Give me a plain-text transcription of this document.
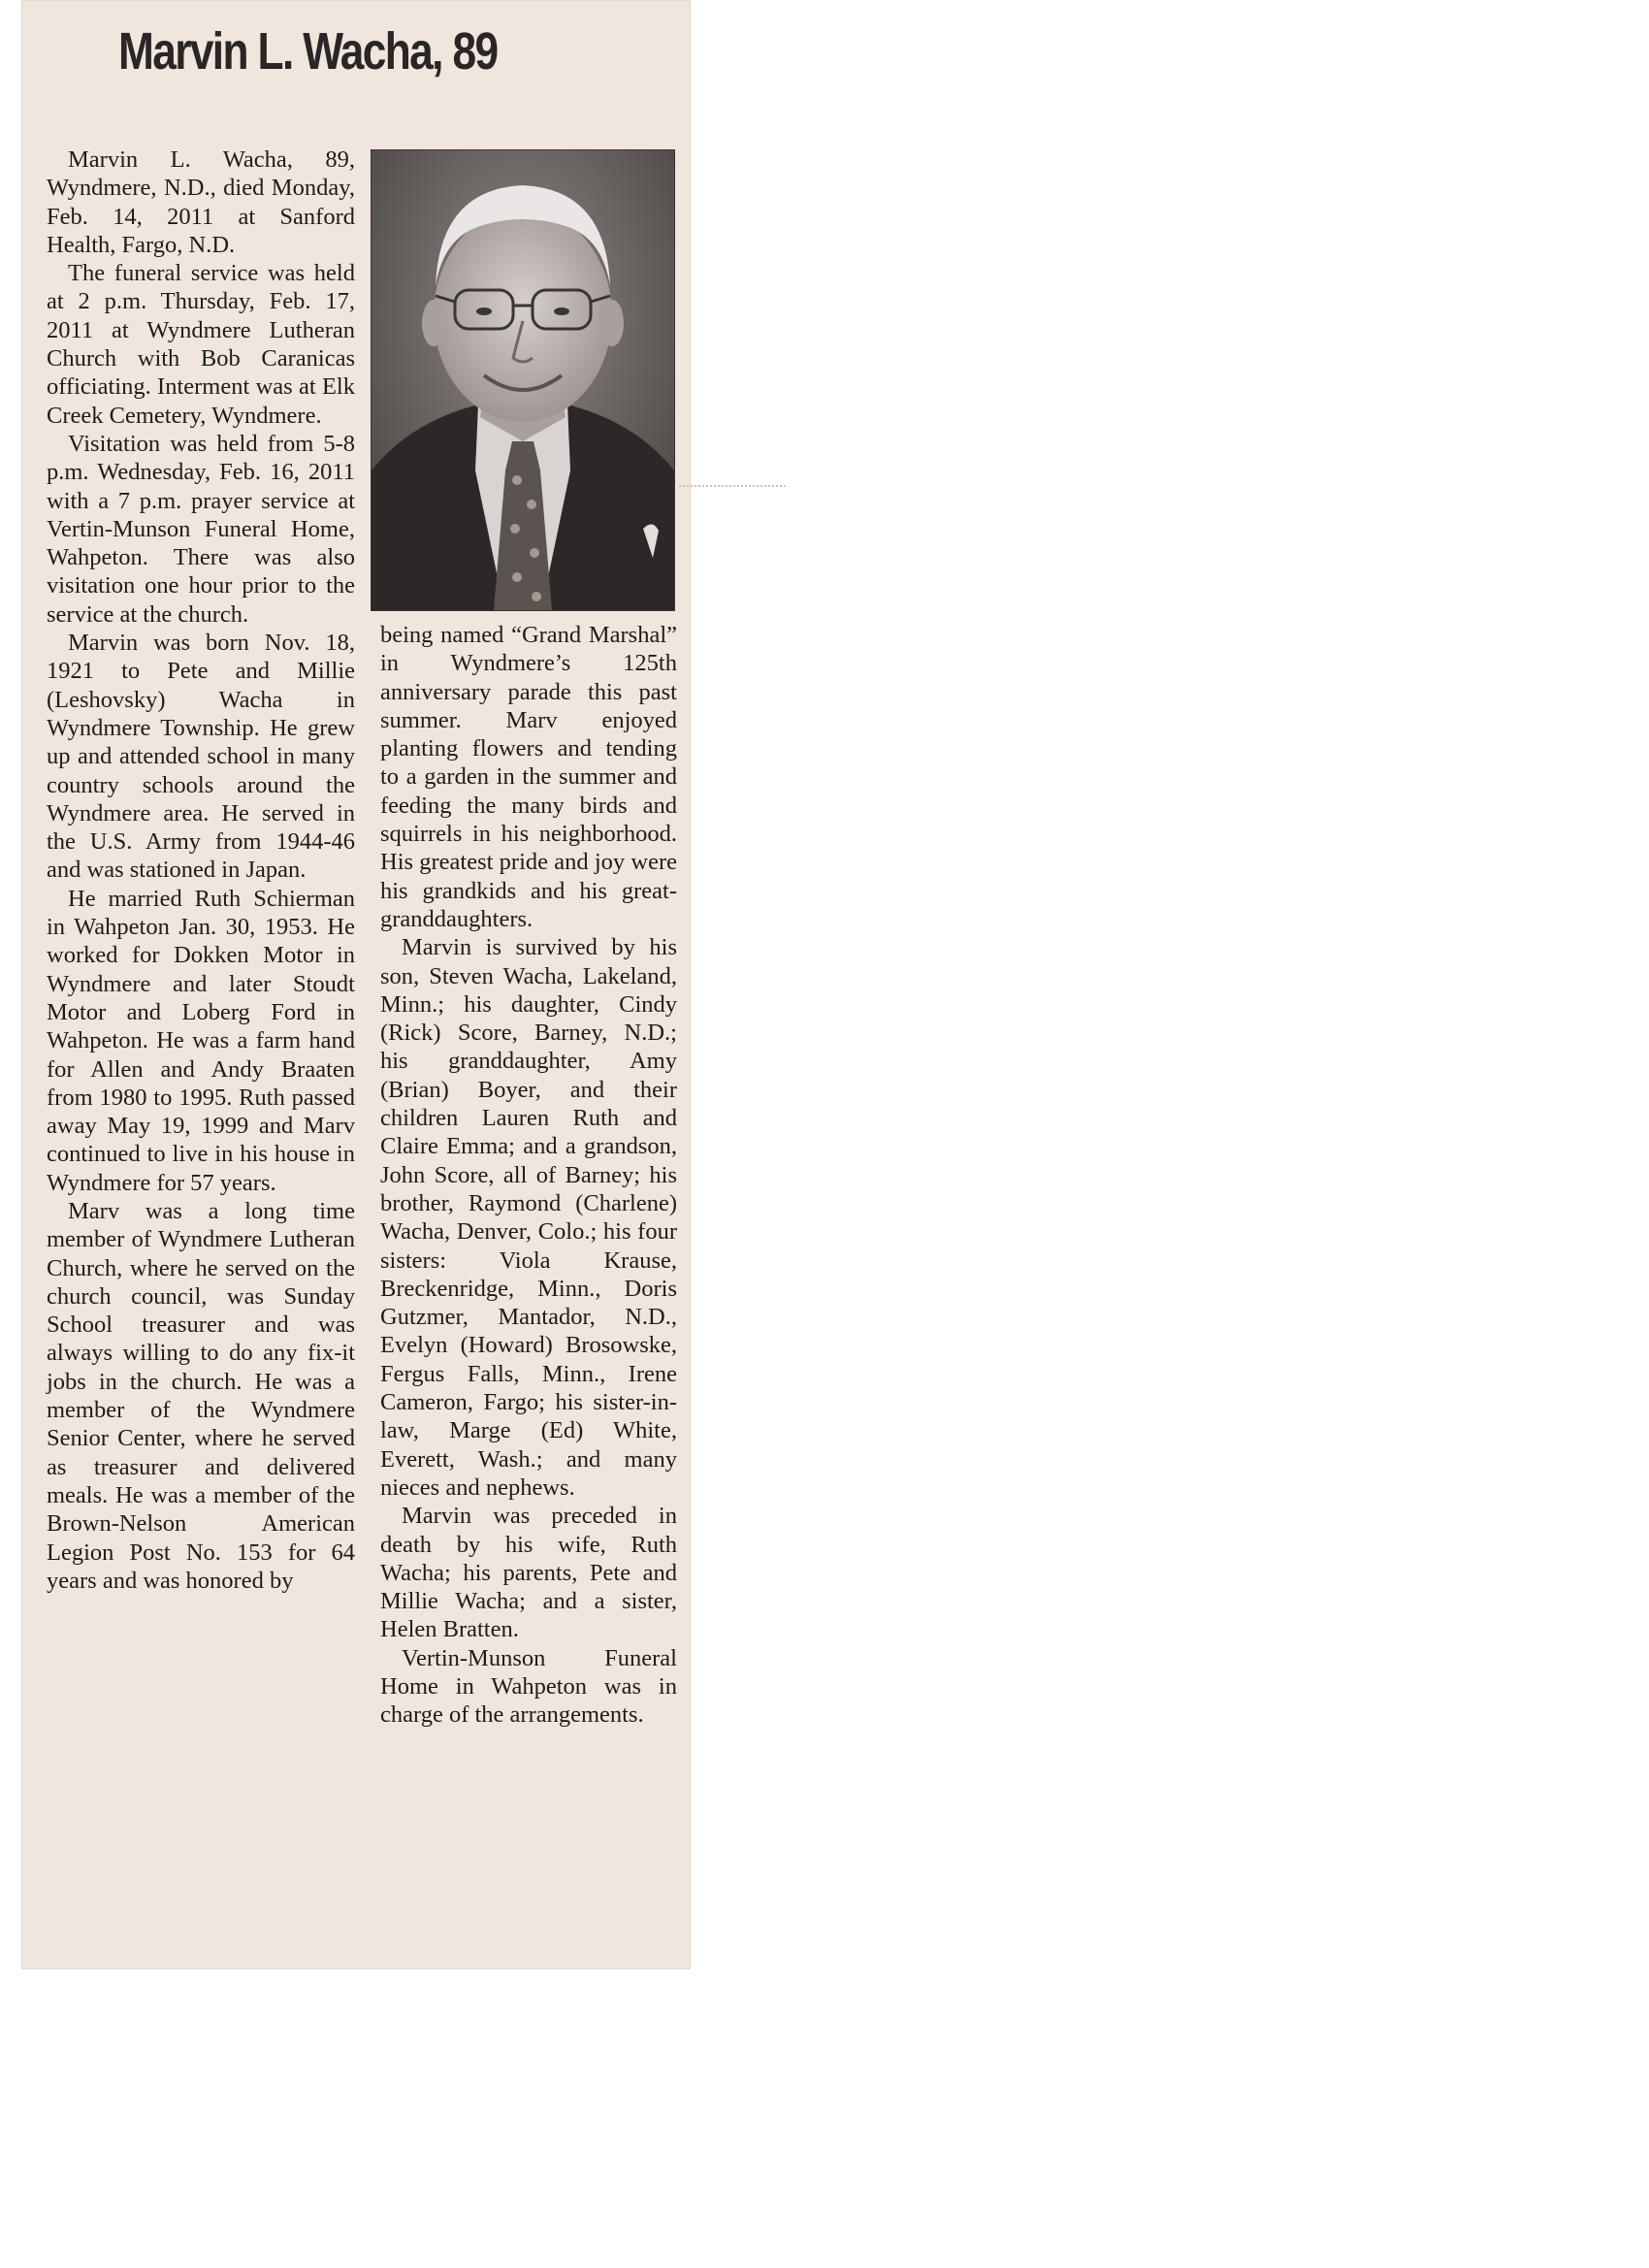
Marvin L. Wacha, 89

Marvin L. Wacha, 89, Wyndmere, N.D., died Monday, Feb. 14, 2011 at Sanford Health, Fargo, N.D.

The funeral service was held at 2 p.m. Thursday, Feb. 17, 2011 at Wyndmere Lutheran Church with Bob Caranicas officiating. Interment was at Elk Creek Cemetery, Wyndmere.

Visitation was held from 5-8 p.m. Wednesday, Feb. 16, 2011 with a 7 p.m. prayer service at Vertin-Munson Funeral Home, Wahpeton. There was also visitation one hour prior to the service at the church.

Marvin was born Nov. 18, 1921 to Pete and Millie (Leshovsky) Wacha in Wyndmere Township. He grew up and attended school in many country schools around the Wyndmere area. He served in the U.S. Army from 1944-46 and was stationed in Japan.

He married Ruth Schierman in Wahpeton Jan. 30, 1953. He worked for Dokken Motor in Wyndmere and later Stoudt Motor and Loberg Ford in Wahpeton. He was a farm hand for Allen and Andy Braaten from 1980 to 1995. Ruth passed away May 19, 1999 and Marv continued to live in his house in Wyndmere for 57 years.

Marv was a long time member of Wyndmere Lutheran Church, where he served on the church council, was Sunday School treasurer and was always willing to do any fix-it jobs in the church. He was a member of the Wyndmere Senior Center, where he served as treasurer and delivered meals. He was a member of the Brown-Nelson American Legion Post No. 153 for 64 years and was honored by

being named “Grand Marshal” in Wyndmere’s 125th anniversary parade this past summer. Marv enjoyed planting flowers and tending to a garden in the summer and feeding the many birds and squirrels in his neighborhood. His greatest pride and joy were his grandkids and his great-granddaughters.

Marvin is survived by his son, Steven Wacha, Lakeland, Minn.; his daughter, Cindy (Rick) Score, Barney, N.D.; his granddaughter, Amy (Brian) Boyer, and their children Lauren Ruth and Claire Emma; and a grandson, John Score, all of Barney; his brother, Raymond (Charlene) Wacha, Denver, Colo.; his four sisters: Viola Krause, Breckenridge, Minn., Doris Gutzmer, Mantador, N.D., Evelyn (Howard) Brosowske, Fergus Falls, Minn., Irene Cameron, Fargo; his sister-in-law, Marge (Ed) White, Everett, Wash.; and many nieces and nephews.

Marvin was preceded in death by his wife, Ruth Wacha; his parents, Pete and Millie Wacha; and a sister, Helen Bratten.

Vertin-Munson Funeral Home in Wahpeton was in charge of the arrangements.
